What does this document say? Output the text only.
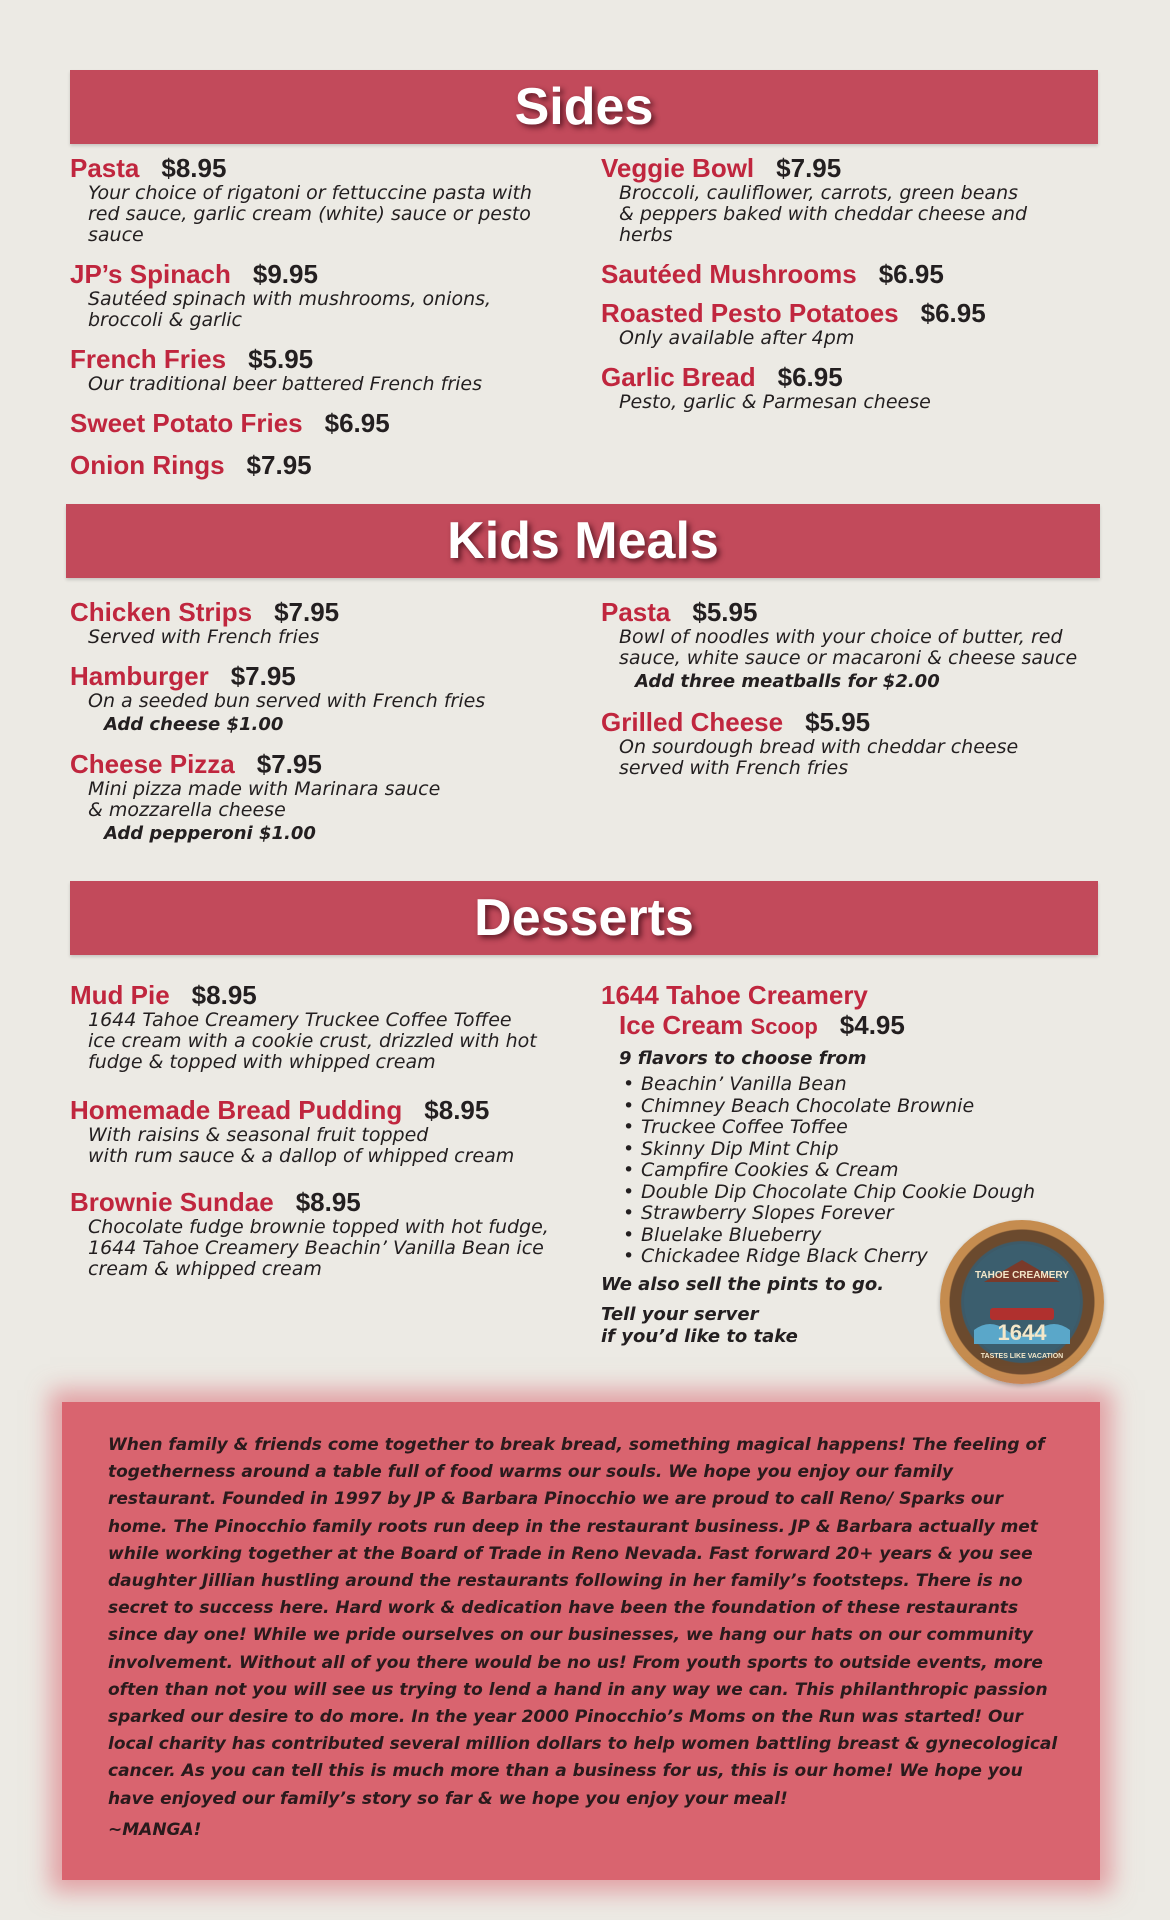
Sides
Pasta $8.95
Your choice of rigatoni or fettuccine pasta with
red sauce, garlic cream (white) sauce or pesto
sauce
JP’s Spinach $9.95
Sautéed spinach with mushrooms, onions,
broccoli & garlic
French Fries $5.95
Our traditional beer battered French fries
Sweet Potato Fries $6.95
Onion Rings $7.95
Veggie Bowl $7.95
Broccoli, cauliflower, carrots, green beans
& peppers baked with cheddar cheese and
herbs
Sautéed Mushrooms $6.95
Roasted Pesto Potatoes $6.95
Only available after 4pm
Garlic Bread $6.95
Pesto, garlic & Parmesan cheese
Kids Meals
Chicken Strips $7.95
Served with French fries
Hamburger $7.95
On a seeded bun served with French fries
Add cheese $1.00
Cheese Pizza $7.95
Mini pizza made with Marinara sauce
& mozzarella cheese
Add pepperoni $1.00
Pasta $5.95
Bowl of noodles with your choice of butter, red
sauce, white sauce or macaroni & cheese sauce
Add three meatballs for $2.00
Grilled Cheese $5.95
On sourdough bread with cheddar cheese
served with French fries
Desserts
Mud Pie $8.95
1644 Tahoe Creamery Truckee Coffee Toffee
ice cream with a cookie crust, drizzled with hot
fudge & topped with whipped cream
Homemade Bread Pudding $8.95
With raisins & seasonal fruit topped
with rum sauce & a dallop of whipped cream
Brownie Sundae $8.95
Chocolate fudge brownie topped with hot fudge,
1644 Tahoe Creamery Beachin’ Vanilla Bean ice
cream & whipped cream
1644 Tahoe Creamery
Ice Cream Scoop $4.95
9 flavors to choose from
• Beachin’ Vanilla Bean
• Chimney Beach Chocolate Brownie
• Truckee Coffee Toffee
• Skinny Dip Mint Chip
• Campfire Cookies & Cream
• Double Dip Chocolate Chip Cookie Dough
• Strawberry Slopes Forever
• Bluelake Blueberry
• Chickadee Ridge Black Cherry
We also sell the pints to go.
Tell your server
if you’d like to take
TAHOE CREAMERY
1644
TASTES LIKE VACATION

When family & friends come together to break bread, something magical happens! The feeling of togetherness around a table full of food warms our souls. We hope you enjoy our family restaurant. Founded in 1997 by JP & Barbara Pinocchio we are proud to call Reno/ Sparks our home. The Pinocchio family roots run deep in the restaurant business. JP & Barbara actually met while working together at the Board of Trade in Reno Nevada. Fast forward 20+ years & you see daughter Jillian hustling around the restaurants following in her family’s footsteps. There is no secret to success here. Hard work & dedication have been the foundation of these restaurants since day one! While we pride ourselves on our businesses, we hang our hats on our community involvement. Without all of you there would be no us! From youth sports to outside events, more often than not you will see us trying to lend a hand in any way we can. This philanthropic passion sparked our desire to do more. In the year 2000 Pinocchio’s Moms on the Run was started! Our local charity has contributed several million dollars to help women battling breast & gynecological cancer. As you can tell this is much more than a business for us, this is our home! We hope you have enjoyed our family’s story so far & we hope you enjoy your meal!

~MANGA!
